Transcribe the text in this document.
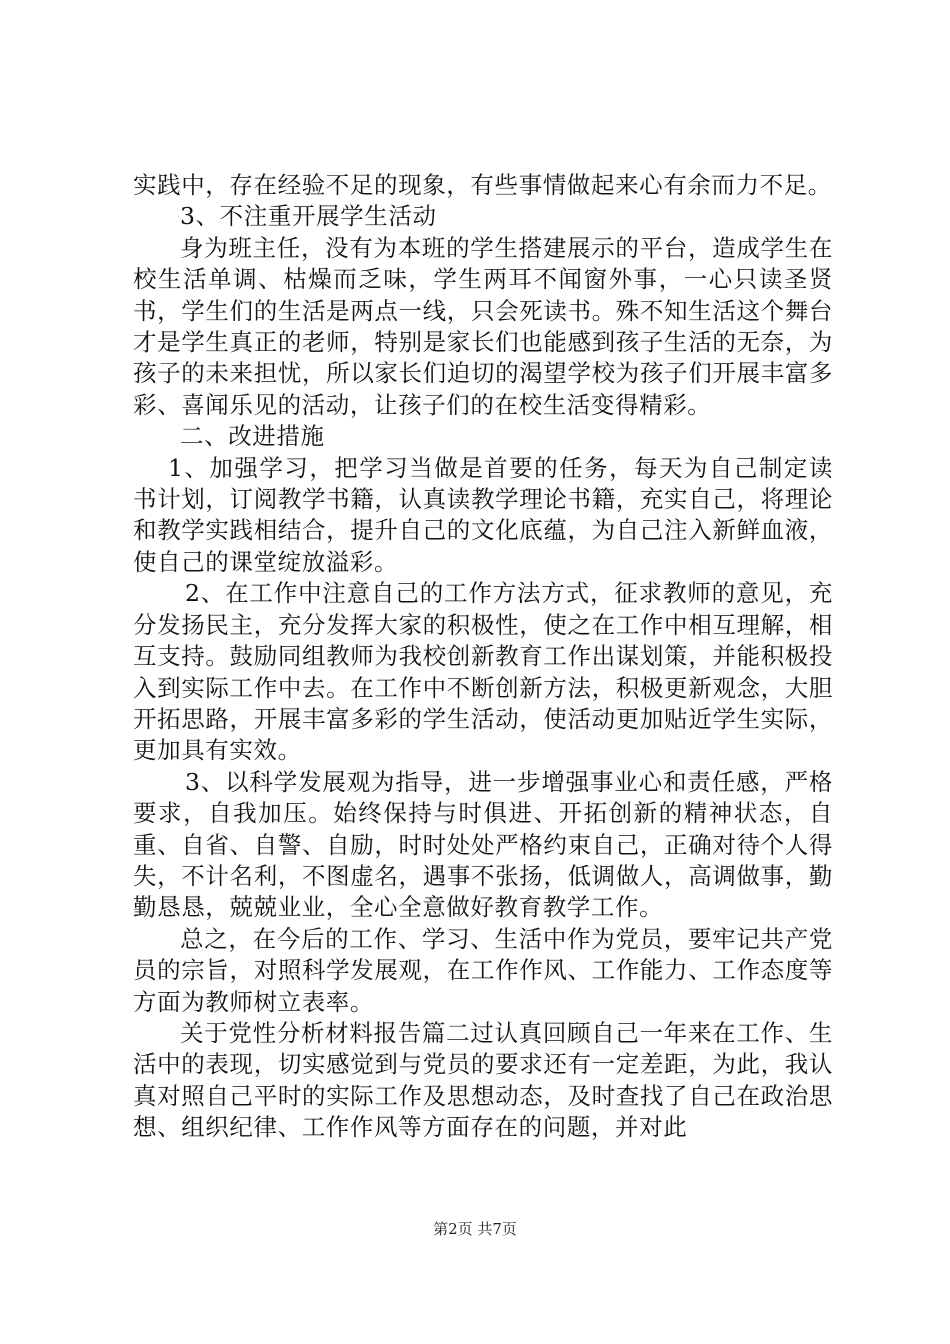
实践中，存在经验不足的现象，有些事情做起来心有余而力不足。

3、不注重开展学生活动

身为班主任，没有为本班的学生搭建展示的平台，造成学生在校生活单调、枯燥而乏味，学生两耳不闻窗外事，一心只读圣贤书，学生们的生活是两点一线，只会死读书。殊不知生活这个舞台才是学生真正的老师，特别是家长们也能感到孩子生活的无奈，为孩子的未来担忧，所以家长们迫切的渴望学校为孩子们开展丰富多彩、喜闻乐见的活动，让孩子们的在校生活变得精彩。

二、改进措施

1、加强学习，把学习当做是首要的任务，每天为自己制定读书计划，订阅教学书籍，认真读教学理论书籍，充实自己，将理论和教学实践相结合，提升自己的文化底蕴，为自己注入新鲜血液，使自己的课堂绽放溢彩。

2、在工作中注意自己的工作方法方式，征求教师的意见，充分发扬民主，充分发挥大家的积极性，使之在工作中相互理解，相互支持。鼓励同组教师为我校创新教育工作出谋划策，并能积极投入到实际工作中去。在工作中不断创新方法，积极更新观念，大胆开拓思路，开展丰富多彩的学生活动，使活动更加贴近学生实际，更加具有实效。

3、以科学发展观为指导，进一步增强事业心和责任感，严格要求，自我加压。始终保持与时俱进、开拓创新的精神状态，自重、自省、自警、自励，时时处处严格约束自己，正确对待个人得失，不计名利，不图虚名，遇事不张扬，低调做人，高调做事，勤勤恳恳，兢兢业业，全心全意做好教育教学工作。

总之，在今后的工作、学习、生活中作为党员，要牢记共产党员的宗旨，对照科学发展观，在工作作风、工作能力、工作态度等方面为教师树立表率。

关于党性分析材料报告篇二过认真回顾自己一年来在工作、生活中的表现，切实感觉到与党员的要求还有一定差距，为此，我认真对照自己平时的实际工作及思想动态，及时查找了自己在政治思想、组织纪律、工作作风等方面存在的问题，并对此

第2页 共7页
